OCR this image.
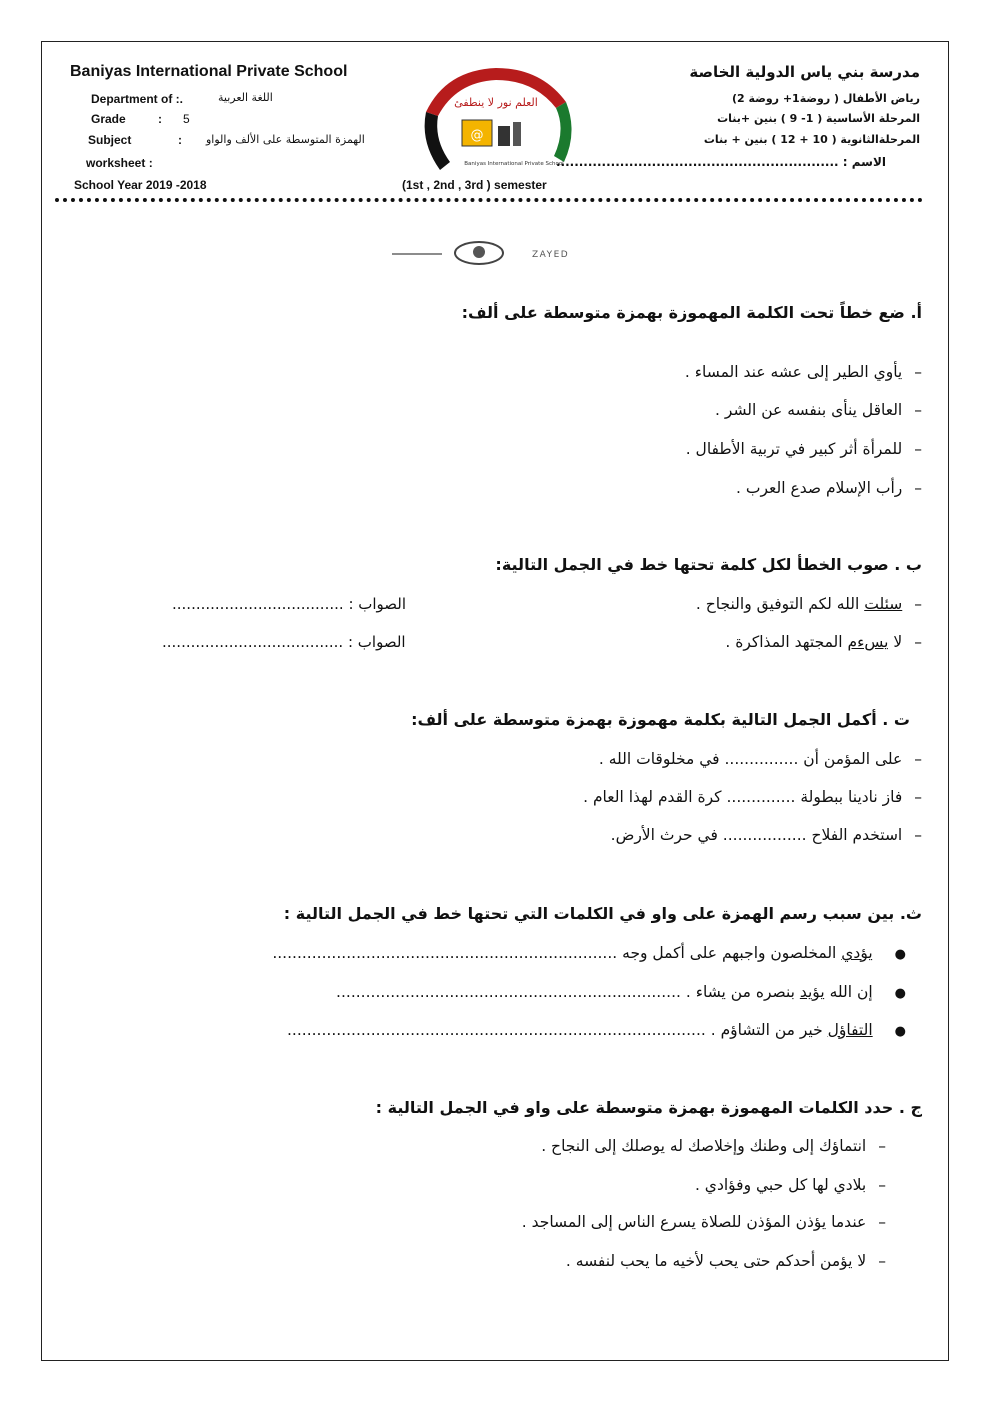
Baniyas International Private School
Department of :.	اللغة العربية
Grade	: 5
Subject	: الهمزة المتوسطة على الألف والواو
worksheet :
School Year 2019 -2018	(1st , 2nd , 3rd ) semester
العلم نور لا ينطفئ
@
Baniyas International Private School
مدرسة بني ياس الدولية الخاصة
رياض الأطفال ( روضة1+ روضة 2)
المرحلة الأساسية ( 1- 9 ) بنين +بنات
المرحلةالثانوية ( 10 + 12 ) بنين + بنات
الاسم : ..............................................................
ZAYED
أ. ضع خطاً تحت الكلمة المهموزة بهمزة متوسطة على ألف:
–يأوي الطير إلى عشه عند المساء .
–العاقل ينأى بنفسه عن الشر .
–للمرأة أثر كبير في تربية الأطفال .
–رأب الإسلام صدع العرب .
ب . صوب الخطأ لكل كلمة تحتها خط في الجمل التالية:
–سئلت الله لكم التوفيق والنجاح .
الصواب : ....................................
–لا يسءم المجتهد المذاكرة .
الصواب : ......................................
ت . أكمل الجمل التالية بكلمة مهموزة بهمزة متوسطة على ألف:
–على المؤمن أن ............... في مخلوقات الله .
–فاز نادينا ببطولة .............. كرة القدم لهذا العام .
–استخدم الفلاح ................. في حرث الأرض.
ث. بين سبب رسم الهمزة على واو في الكلمات التي تحتها خط في الجمل التالية :
●يؤدي المخلصون واجبهم على أكمل وجه ......................................................................
●إن الله يؤيد بنصره من يشاء . ......................................................................
●التفاؤل خير من التشاؤم . .....................................................................................
ج . حدد الكلمات المهموزة بهمزة متوسطة على واو في الجمل التالية :
–انتماؤك إلى وطنك وإخلاصك له يوصلك إلى النجاح .
–بلادي لها كل حبي وفؤادي .
–عندما يؤذن المؤذن للصلاة يسرع الناس إلى المساجد .
–لا يؤمن أحدكم حتى يحب لأخيه ما يحب لنفسه .
